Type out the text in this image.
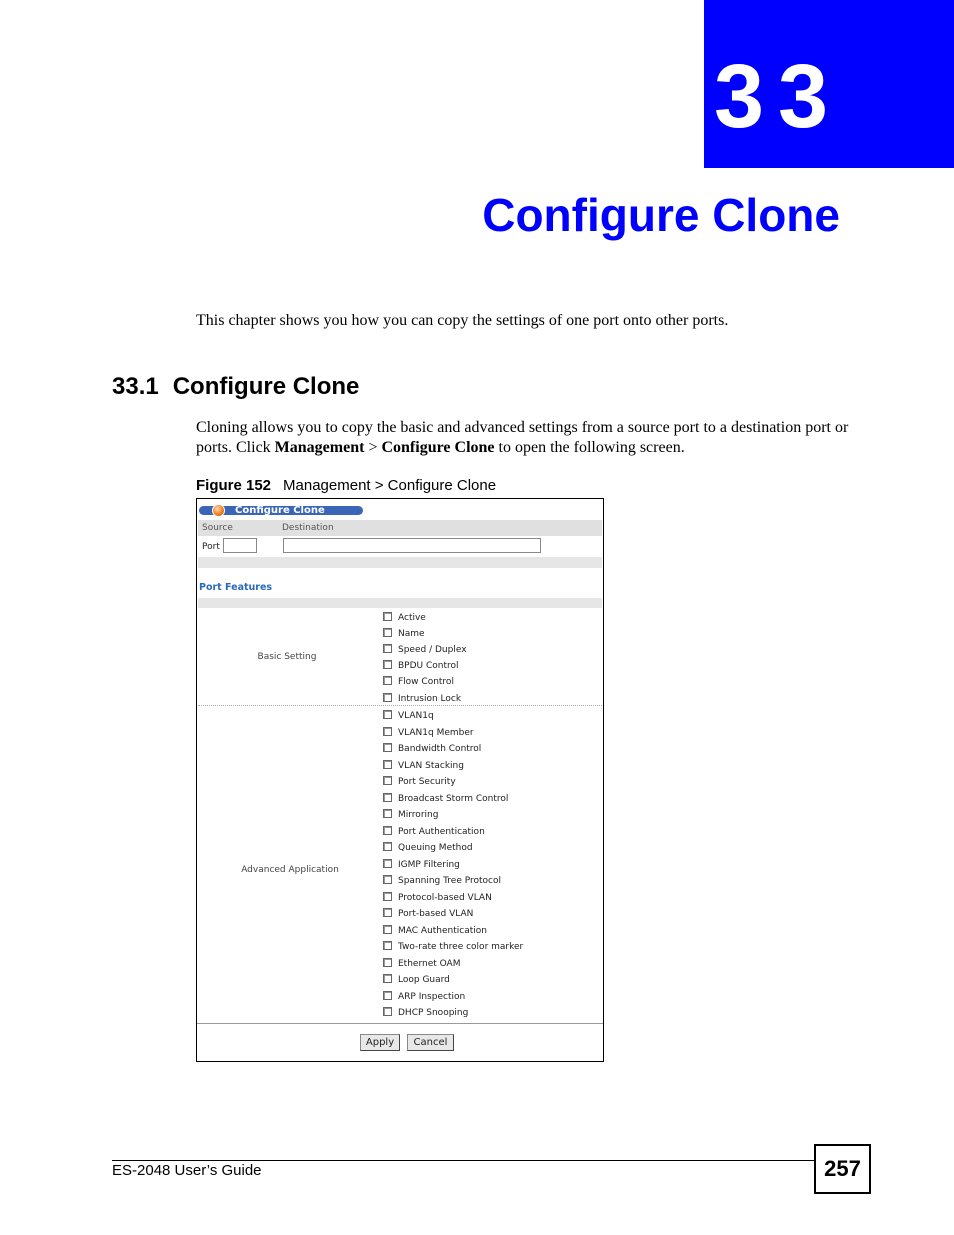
33
Configure Clone

This chapter shows you how you can copy the settings of one port onto other ports.

33.1 Configure Clone

Cloning allows you to copy the basic and advanced settings from a source port to a destination port or ports. Click Management > Configure Clone to open the following screen.

Figure 152 Management > Configure Clone
Configure Clone
Source	Destination
Port
Port Features
Basic Setting
Active
Name
Speed / Duplex
BPDU Control
Flow Control
Intrusion Lock
Advanced Application
VLAN1q
VLAN1q Member
Bandwidth Control
VLAN Stacking
Port Security
Broadcast Storm Control
Mirroring
Port Authentication
Queuing Method
IGMP Filtering
Spanning Tree Protocol
Protocol-based VLAN
Port-based VLAN
MAC Authentication
Two-rate three color marker
Ethernet OAM
Loop Guard
ARP Inspection
DHCP Snooping
Apply	Cancel
ES-2048 User’s Guide	257
